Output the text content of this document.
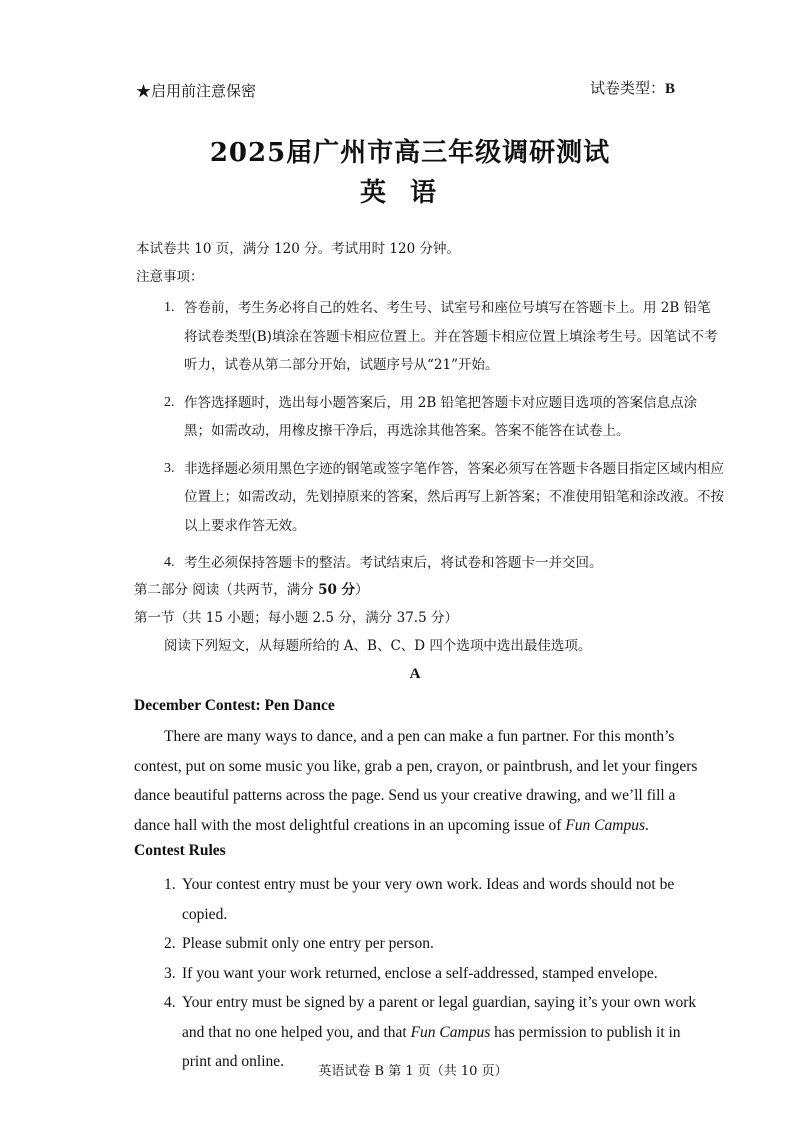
★启用前注意保密	试卷类型：B
2025届广州市高三年级调研测试
英语
本试卷共 10 页，满分 120 分。考试用时 120 分钟。
注意事项：
1. 答卷前，考生务必将自己的姓名、考生号、试室号和座位号填写在答题卡上。用 2B 铅笔将试卷类型(B)填涂在答题卡相应位置上。并在答题卡相应位置上填涂考生号。因笔试不考听力，试卷从第二部分开始，试题序号从“21”开始。
2. 作答选择题时，选出每小题答案后，用 2B 铅笔把答题卡对应题目选项的答案信息点涂黑；如需改动，用橡皮擦干净后，再选涂其他答案。答案不能答在试卷上。
3. 非选择题必须用黑色字迹的钢笔或签字笔作答，答案必须写在答题卡各题目指定区域内相应位置上；如需改动，先划掉原来的答案，然后再写上新答案；不准使用铅笔和涂改液。不按以上要求作答无效。
4. 考生必须保持答题卡的整洁。考试结束后，将试卷和答题卡一并交回。
第二部分 阅读（共两节，满分 50 分）
第一节（共 15 小题；每小题 2.5 分，满分 37.5 分）
阅读下列短文，从每题所给的 A、B、C、D 四个选项中选出最佳选项。
A
December Contest: Pen Dance
There are many ways to dance, and a pen can make a fun partner. For this month’s contest, put on some music you like, grab a pen, crayon, or paintbrush, and let your fingers dance beautiful patterns across the page. Send us your creative drawing, and we’ll fill a dance hall with the most delightful creations in an upcoming issue of Fun Campus.
Contest Rules
1. Your contest entry must be your very own work. Ideas and words should not be copied.
2. Please submit only one entry per person.
3. If you want your work returned, enclose a self-addressed, stamped envelope.
4. Your entry must be signed by a parent or legal guardian, saying it’s your own work and that no one helped you, and that Fun Campus has permission to publish it in print and online.
英语试卷 B 第 1 页（共 10 页）
